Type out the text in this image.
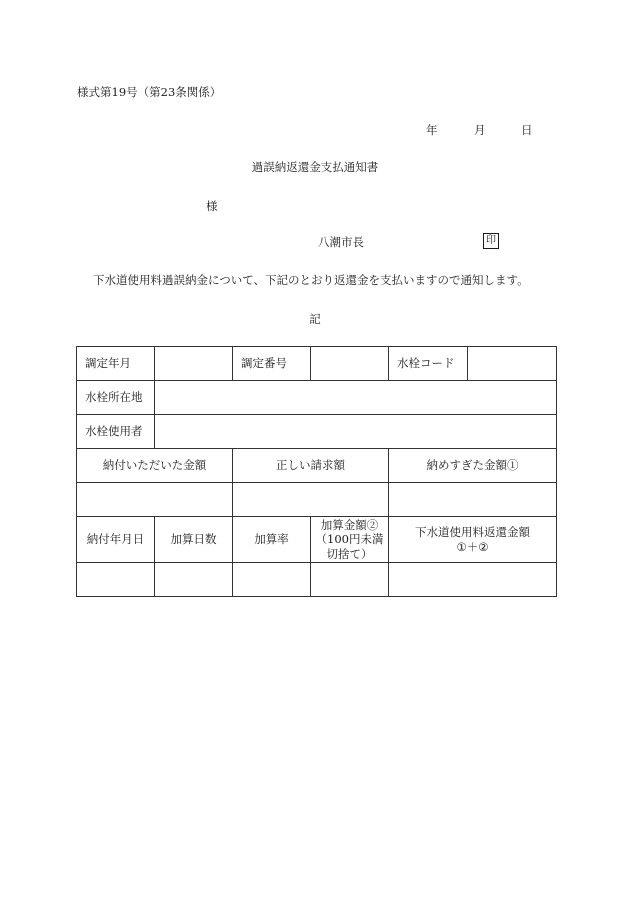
様式第19号（第23条関係）
年	月	日
過誤納返還金支払通知書
様
八潮市長	印
下水道使用料過誤納金について、下記のとおり返還金を支払いますので通知します。
記
調定年月		調定番号		水栓コード	
水栓所在地					
水栓使用者					
納付いただいた金額		正しい請求額		納めすぎた金額①	

納付年月日	加算日数	加算率	加算金額②
（100円未満
切捨て）	下水道使用料返還金額
①＋②	
